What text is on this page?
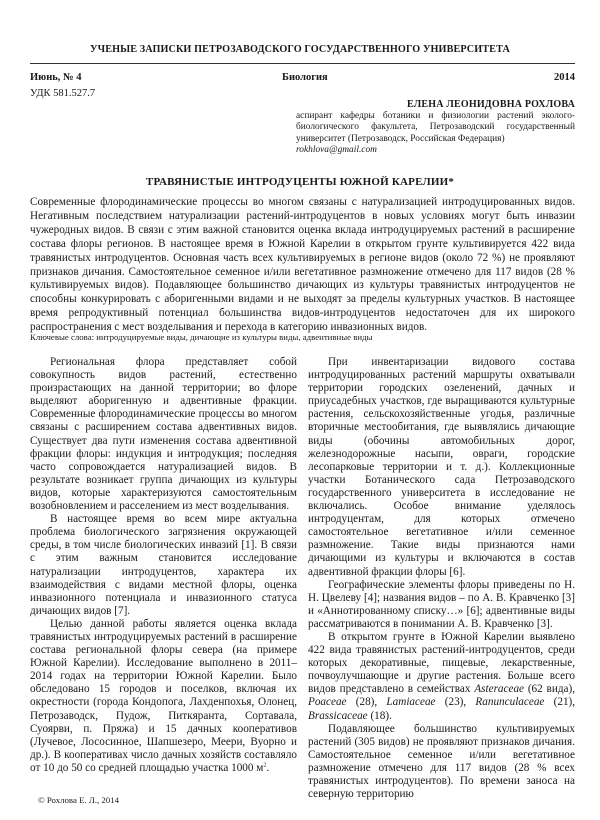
УЧЕНЫЕ ЗАПИСКИ ПЕТРОЗАВОДСКОГО ГОСУДАРСТВЕННОГО УНИВЕРСИТЕТА
Июнь, № 4	Биология	2014
УДК 581.527.7
ЕЛЕНА ЛЕОНИДОВНА РОХЛОВА
аспирант кафедры ботаники и физиологии растений эколого-биологического факультета, Петрозаводский государственный университет (Петрозаводск, Российская Федерация)
rokhlova@gmail.com
ТРАВЯНИСТЫЕ ИНТРОДУЦЕНТЫ ЮЖНОЙ КАРЕЛИИ*
Современные флородинамические процессы во многом связаны с натурализацией интродуцированных видов. Негативным последствием натурализации растений-интродуцентов в новых условиях могут быть инвазии чужеродных видов. В связи с этим важной становится оценка вклада интродуцируемых растений в расширение состава флоры регионов. В настоящее время в Южной Карелии в открытом грунте культивируется 422 вида травянистых интродуцентов. Основная часть всех культивируемых в регионе видов (около 72 %) не проявляют признаков дичания. Самостоятельное семенное и/или вегетативное размножение отмечено для 117 видов (28 % культивируемых видов). Подавляющее большинство дичающих из культуры травянистых интродуцентов не способны конкурировать с аборигенными видами и не выходят за пределы культурных участков. В настоящее время репродуктивный потенциал большинства видов-интродуцентов недостаточен для их широкого распространения с мест возделывания и перехода в категорию инвазионных видов.
Ключевые слова: интродуцируемые виды, дичающие из культуры виды, адвентивные виды

Региональная флора представляет собой совокупность видов растений, естественно произрастающих на данной территории; во флоре выделяют аборигенную и адвентивные фракции. Современные флородинамические процессы во многом связаны с расширением состава адвентивных видов. Существует два пути изменения состава адвентивной фракции флоры: индукция и интродукция; последняя часто сопровождается натурализацией видов. В результате возникает группа дичающих из культуры видов, которые характеризуются самостоятельным возобновлением и расселением из мест возделывания.

В настоящее время во всем мире актуальна проблема биологического загрязнения окружающей среды, в том числе биологических инвазий [1]. В связи с этим важным становится исследование натурализации интродуцентов, характера их взаимодействия с видами местной флоры, оценка инвазионного потенциала и инвазионного статуса дичающих видов [7].

Целью данной работы является оценка вклада травянистых интродуцируемых растений в расширение состава региональной флоры севера (на примере Южной Карелии). Исследование выполнено в 2011–2014 годах на территории Южной Карелии. Было обследовано 15 городов и поселков, включая их окрестности (города Кондопога, Лахденпохья, Олонец, Петрозаводск, Пудож, Питкяранта, Сортавала, Суоярви, п. Пряжа) и 15 дачных кооперативов (Лучевое, Лососинное, Шапшезеро, Меери, Вуорно и др.). В кооперативах число дачных хозяйств составляло от 10 до 50 со средней площадью участка 1000 $м^2$.

При инвентаризации видового состава интродуцированных растений маршруты охватывали территории городских озеленений, дачных и приусадебных участков, где выращиваются культурные растения, сельскохозяйственные угодья, различные вторичные местообитания, где выявлялись дичающие виды (обочины автомобильных дорог, железнодорожные насыпи, овраги, городские лесопарковые территории и т. д.). Коллекционные участки Ботанического сада Петрозаводского государственного университета в исследование не включались. Особое внимание уделялось интродуцентам, для которых отмечено самостоятельное вегетативное и/или семенное размножение. Такие виды признаются нами дичающими из культуры и включаются в состав адвентивной фракции флоры [6].

Географические элементы флоры приведены по Н. Н. Цвелеву [4]; названия видов – по А. В. Кравченко [3] и «Аннотированному списку…» [6]; адвентивные виды рассматриваются в понимании А. В. Кравченко [3].

В открытом грунте в Южной Карелии выявлено 422 вида травянистых растений-интродуцентов, среди которых декоративные, пищевые, лекарственные, почвоулучшающие и другие растения. Больше всего видов представлено в семействах Asteraceae (62 вида), Poaceae (28), Lamiaceae (23), Ranunculaceae (21), Brassicaceae (18).

Подавляющее большинство культивируемых растений (305 видов) не проявляют признаков дичания. Самостоятельное семенное и/или вегетативное размножение отмечено для 117 видов (28 % всех травянистых интродуцентов). По времени заноса на северную территорию

© Рохлова Е. Л., 2014
